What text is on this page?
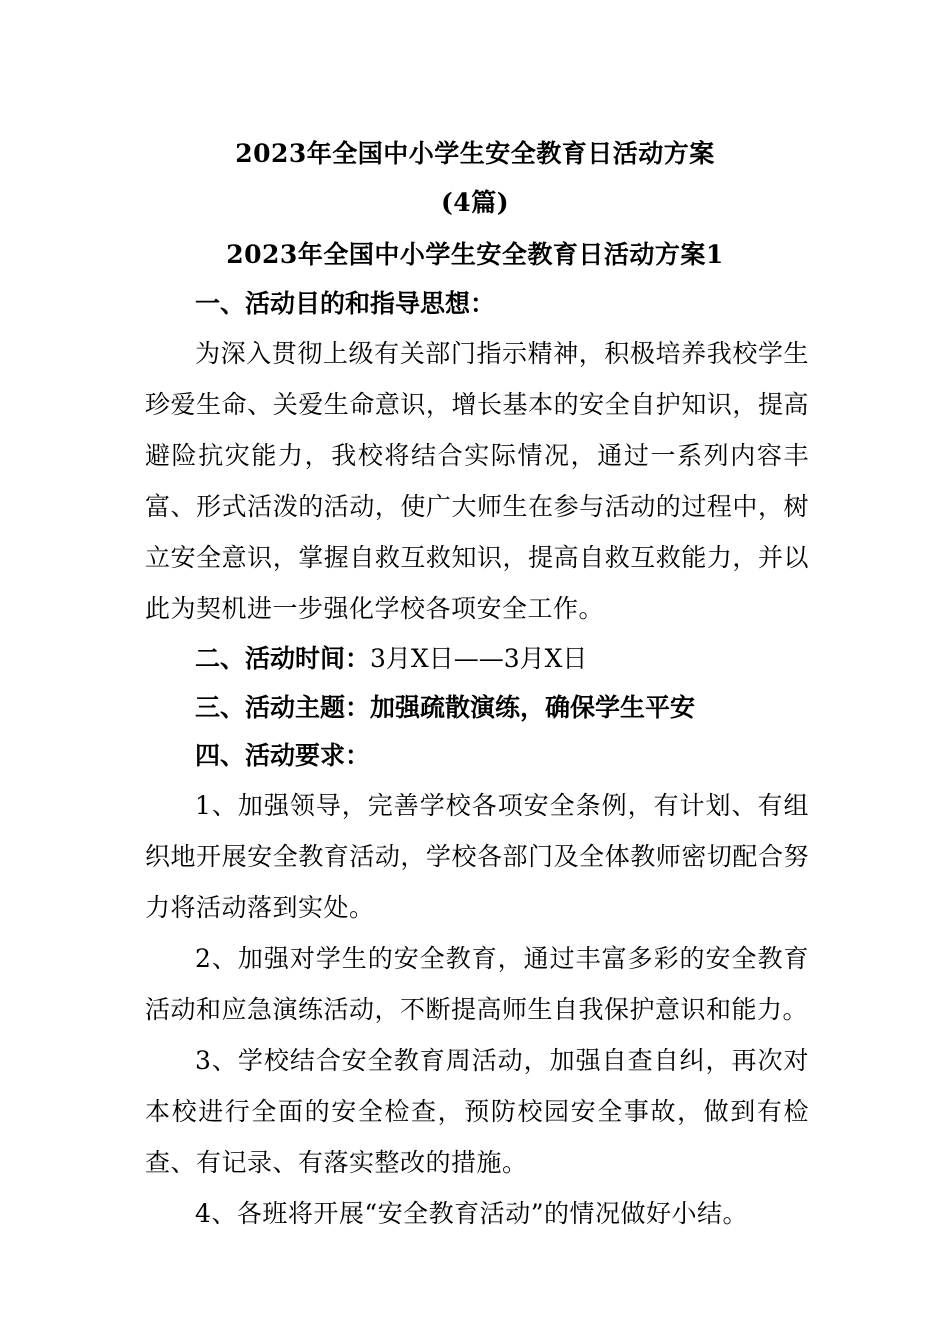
2023年全国中小学生安全教育日活动方案
(4篇)
2023年全国中小学生安全教育日活动方案1

一、活动目的和指导思想：

为深入贯彻上级有关部门指示精神，积极培养我校学生珍爱生命、关爱生命意识，增长基本的安全自护知识，提高避险抗灾能力，我校将结合实际情况，通过一系列内容丰富、形式活泼的活动，使广大师生在参与活动的过程中，树立安全意识，掌握自救互救知识，提高自救互救能力，并以此为契机进一步强化学校各项安全工作。

二、活动时间：3月X日——3月X日

三、活动主题：加强疏散演练，确保学生平安

四、活动要求：

1、加强领导，完善学校各项安全条例，有计划、有组织地开展安全教育活动，学校各部门及全体教师密切配合努力将活动落到实处。

2、加强对学生的安全教育，通过丰富多彩的安全教育活动和应急演练活动，不断提高师生自我保护意识和能力。

3、学校结合安全教育周活动，加强自查自纠，再次对本校进行全面的安全检查，预防校园安全事故，做到有检查、有记录、有落实整改的措施。

4、各班将开展“安全教育活动”的情况做好小结。
